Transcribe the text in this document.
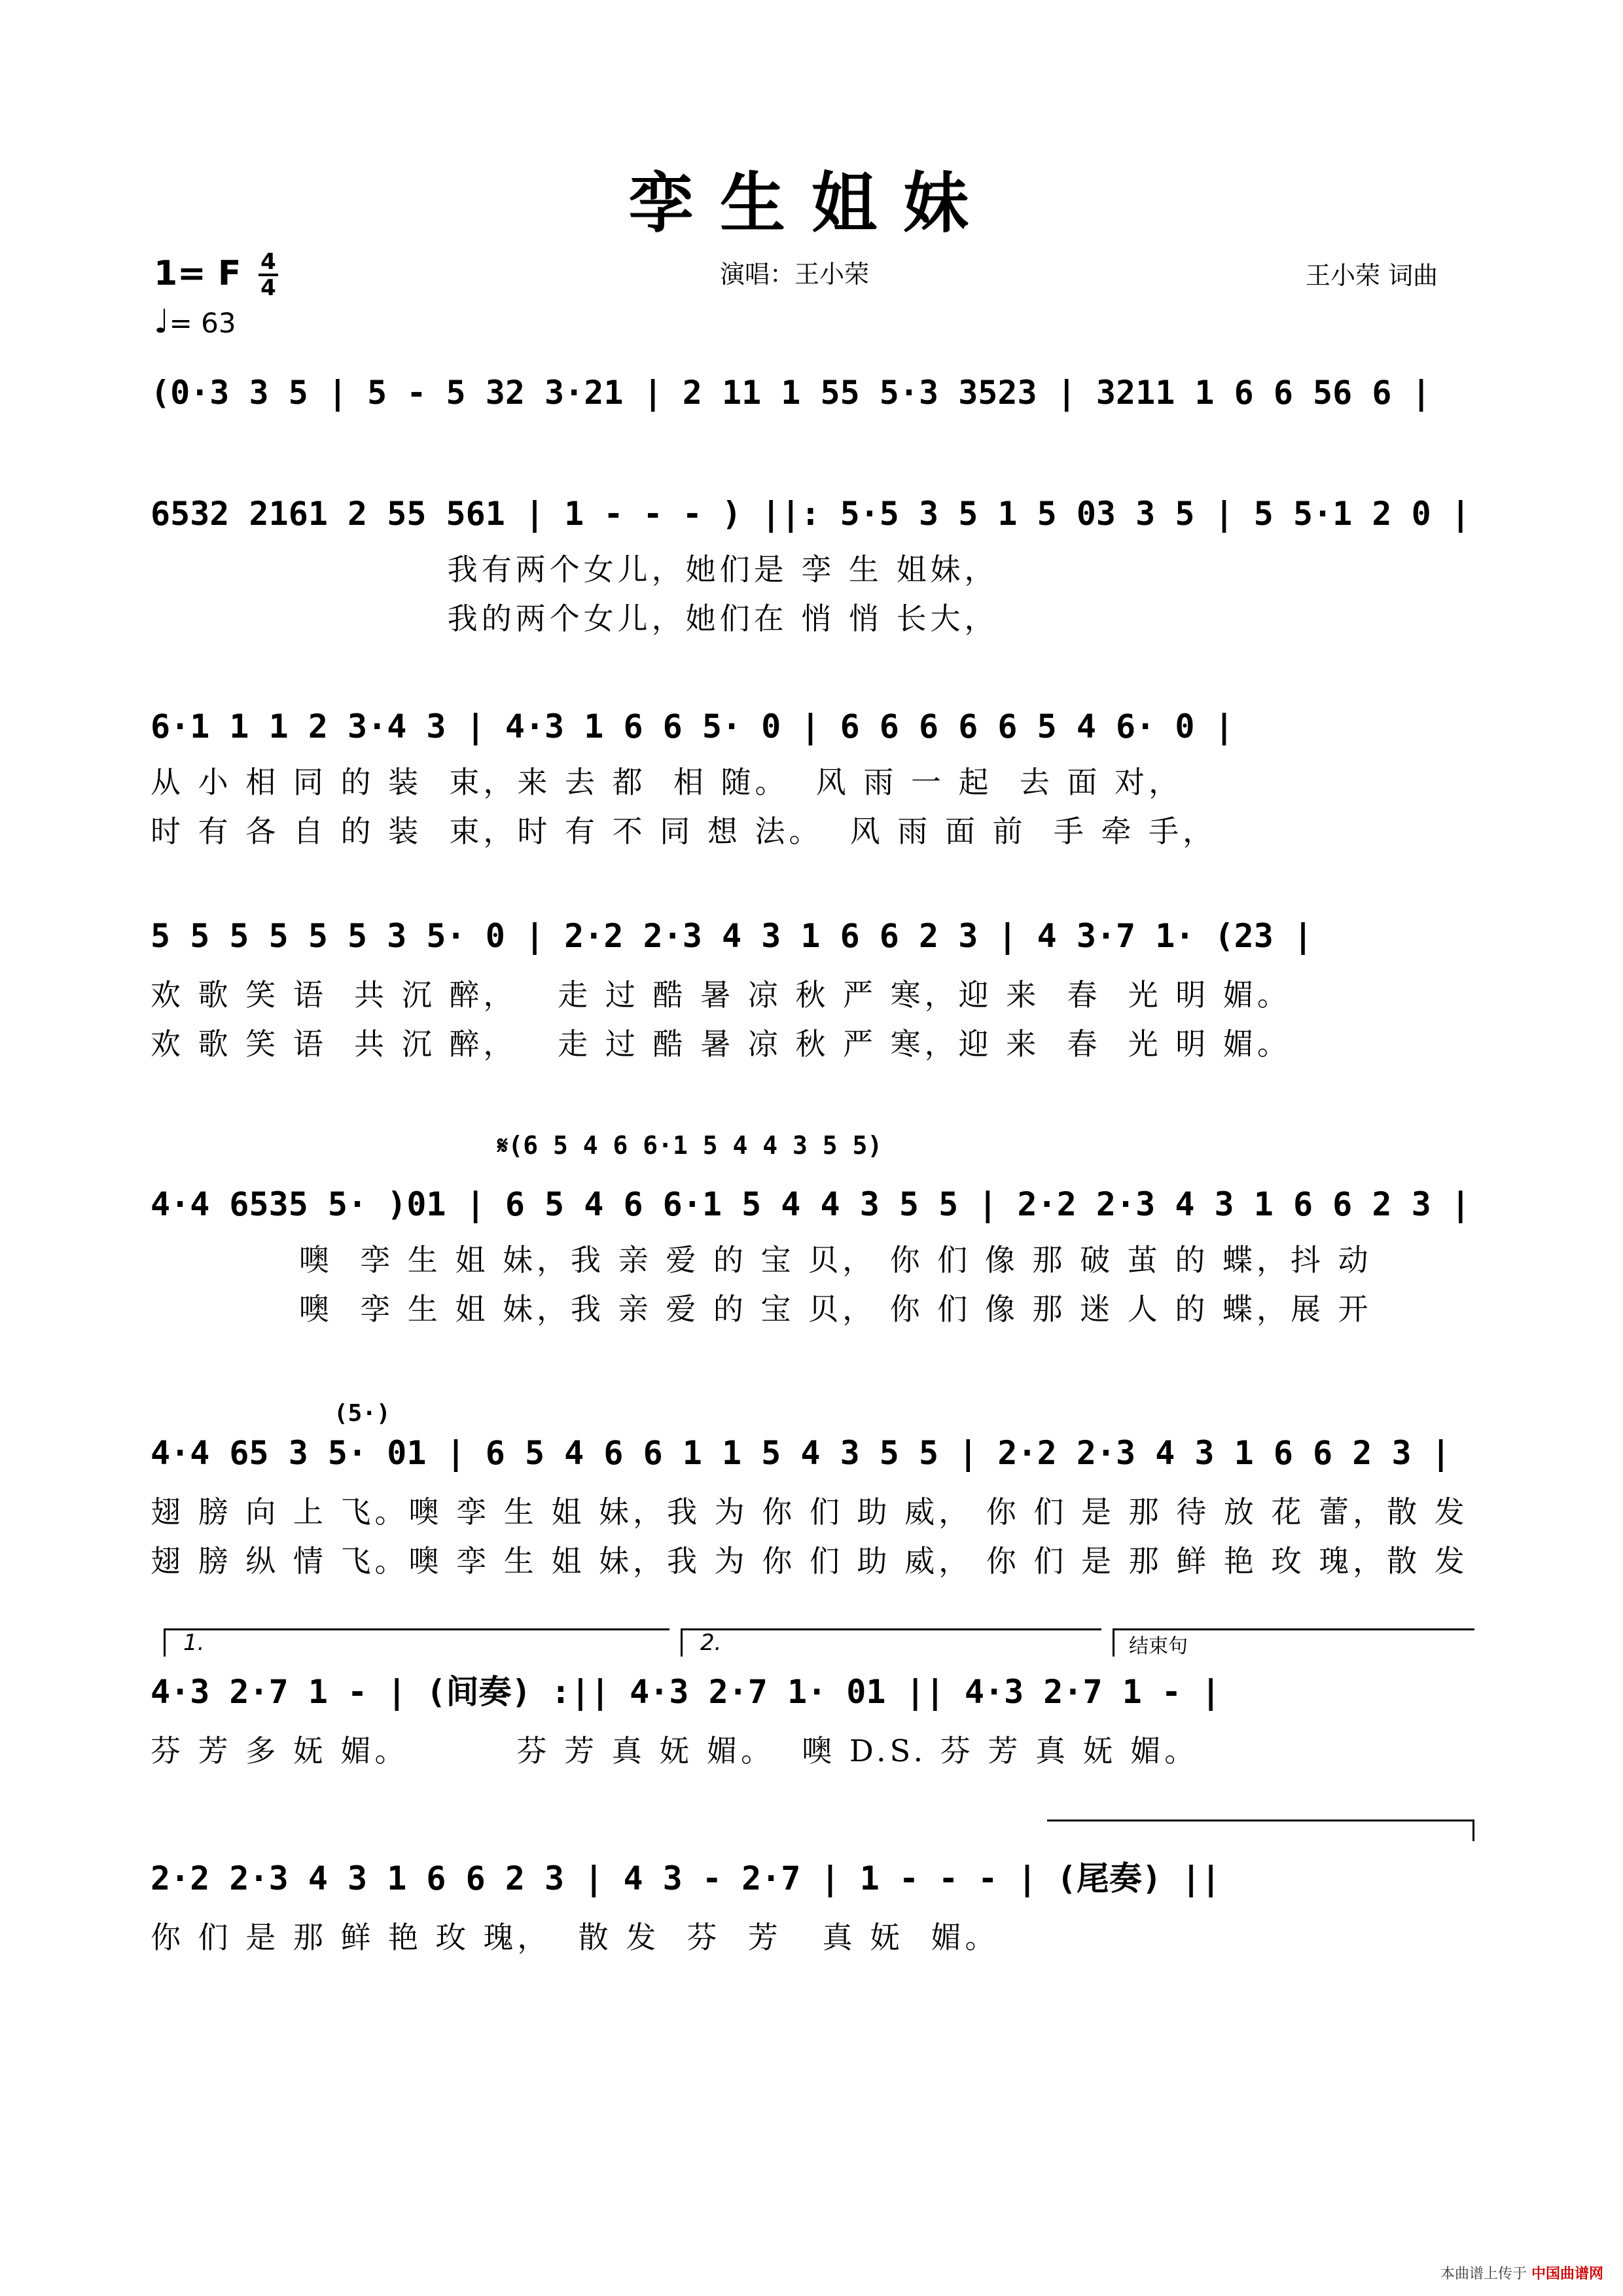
孪生姐妹
1= F 4
4
♩= 63
演唱：王小荣	王小荣 词曲
(0·3 3 5 | 5 - 5 32 3·21 | 2 11 1 55 5·3 3523 | 3211 1 6 6 56 6 |
6532 2161 2 55 561 | 1 - - - ) ||: 5·5 3 5 1 5 03 3 5 | 5 5·1 2 0 |
我有两个女儿，她们是 孪 生 姐妹，
我的两个女儿，她们在 悄 悄 长大，
6·1 1 1 2 3·4 3 | 4·3 1 6 6 5· 0 | 6 6 6 6 6 5 4 6· 0 |
从 小 相 同 的 装  束，来 去 都  相 随。  风 雨 一 起  去 面 对，
时 有 各 自 的 装  束，时 有 不 同 想 法。  风 雨 面 前  手 牵 手，
5 5 5 5 5 5 3 5· 0 | 2·2 2·3 4 3 1 6 6 2 3 | 4 3·7 1· (23 |
欢 歌 笑 语  共 沉 醉，   走 过 酷 暑 凉 秋 严 寒，迎 来  春  光 明 媚。
欢 歌 笑 语  共 沉 醉，   走 过 酷 暑 凉 秋 严 寒，迎 来  春  光 明 媚。
𝄋(6 5 4 6 6·1 5 4 4 3 5 5)
4·4 6535 5· )01 | 6 5 4 6 6·1 5 4 4 3 5 5 | 2·2 2·3 4 3 1 6 6 2 3 |
噢  孪 生 姐 妹，我 亲 爱 的 宝 贝， 你 们 像 那 破 茧 的 蝶，抖 动
噢  孪 生 姐 妹，我 亲 爱 的 宝 贝， 你 们 像 那 迷 人 的 蝶，展 开
(5·)
4·4 65 3 5· 01 | 6 5 4 6 6 1 1 5 4 3 5 5 | 2·2 2·3 4 3 1 6 6 2 3 |
翅 膀 向 上 飞。噢 孪 生 姐 妹，我 为 你 们 助 威， 你 们 是 那 待 放 花 蕾，散 发
翅 膀 纵 情 飞。噢 孪 生 姐 妹，我 为 你 们 助 威， 你 们 是 那 鲜 艳 玫 瑰，散 发
1.	2.	结束句
4·3 2·7 1 - | (间奏) :|| 4·3 2·7 1· 01 || 4·3 2·7 1 - |
芬 芳 多 妩 媚。        芬 芳 真 妩 媚。  噢 D.S. 芬 芳 真 妩 媚。
2·2 2·3 4 3 1 6 6 2 3 | 4 3 - 2·7 | 1 - - - | (尾奏) ||
你 们 是 那 鲜 艳 玫 瑰，  散 发  芬  芳   真 妩  媚。
本曲谱上传于 中国曲谱网
